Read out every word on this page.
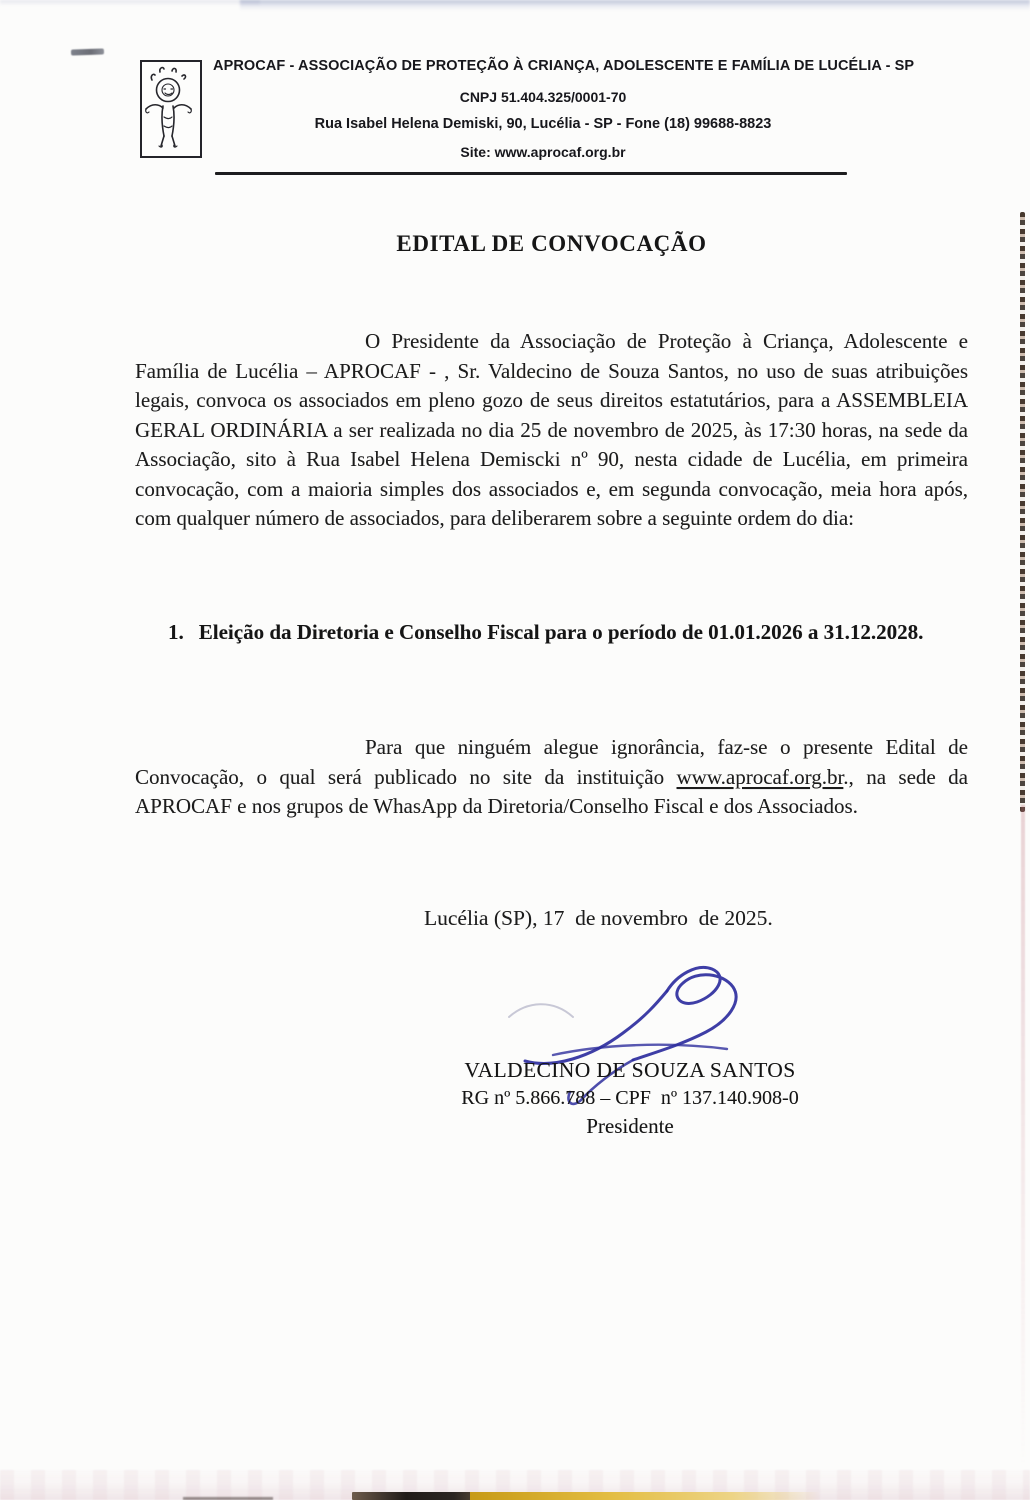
APROCAF - ASSOCIAÇÃO DE PROTEÇÃO À CRIANÇA, ADOLESCENTE E FAMÍLIA DE LUCÉLIA - SP
CNPJ 51.404.325/0001-70
Rua Isabel Helena Demiski, 90, Lucélia - SP - Fone (18) 99688-8823
Site: www.aprocaf.org.br
EDITAL DE CONVOCAÇÃO

O Presidente da Associação de Proteção à Criança, Adolescente e Família de Lucélia – APROCAF - , Sr. Valdecino de Souza Santos, no uso de suas atribuições legais, convoca os associados em pleno gozo de seus direitos estatutários, para a ASSEMBLEIA GERAL ORDINÁRIA a ser realizada no dia 25 de novembro de 2025, às 17:30 horas, na sede da Associação, sito à Rua Isabel Helena Demiscki nº 90, nesta cidade de Lucélia, em primeira convocação, com a maioria simples dos associados e, em segunda convocação, meia hora após, com qualquer número de associados, para deliberarem sobre a seguinte ordem do dia:

1. Eleição da Diretoria e Conselho Fiscal para o período de 01.01.2026 a 31.12.2028.

Para que ninguém alegue ignorância, faz-se o presente Edital de Convocação, o qual será publicado no site da instituição www.aprocaf.org.br., na sede da APROCAF e nos grupos de WhasApp da Diretoria/Conselho Fiscal e dos Associados.

Lucélia (SP), 17  de novembro  de 2025.
VALDECINO DE SOUZA SANTOS
RG nº 5.866.788 – CPF  nº 137.140.908-0
Presidente
